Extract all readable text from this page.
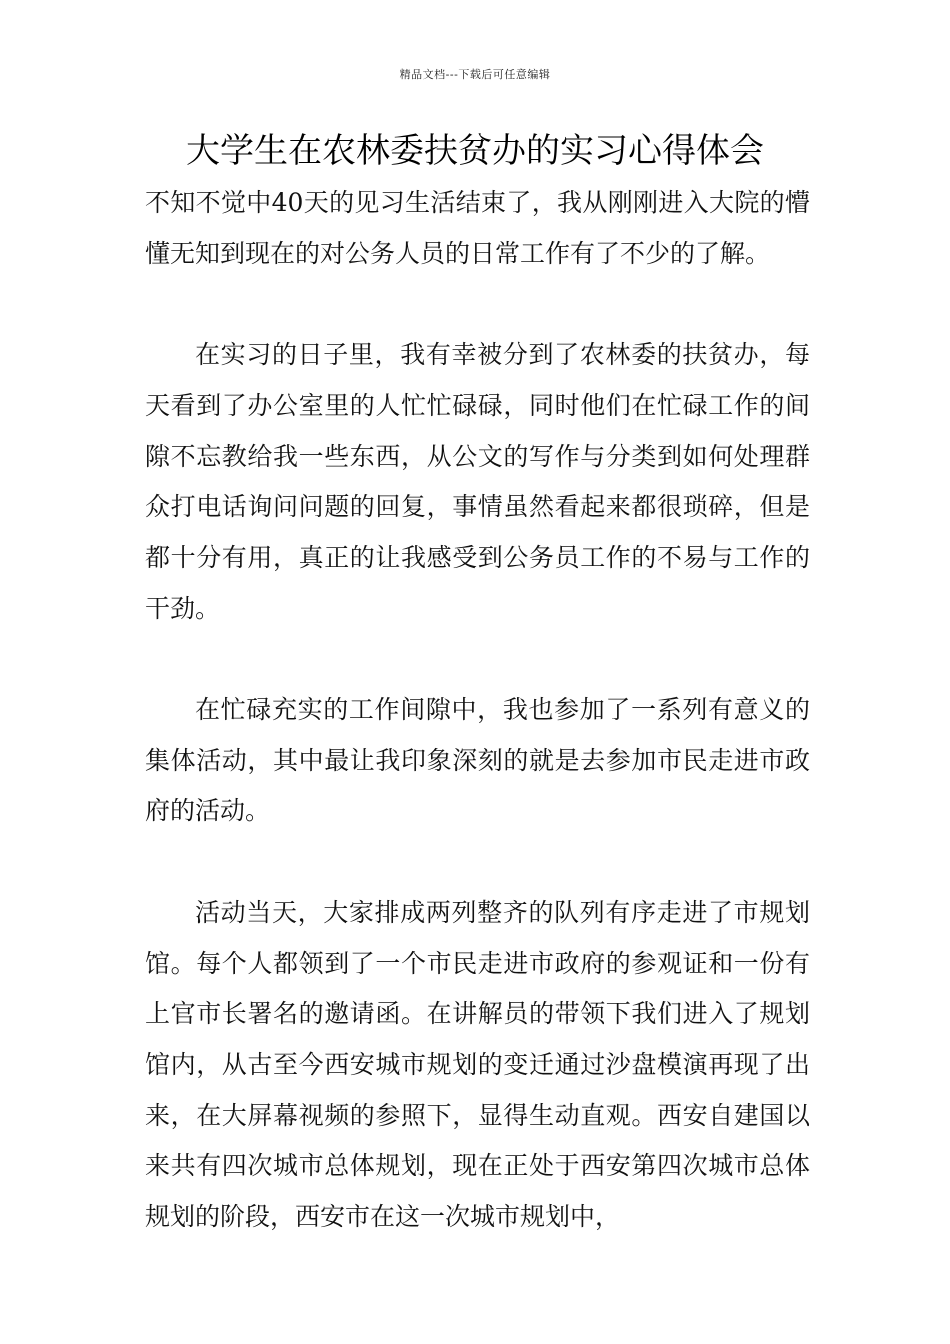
精品文档---下载后可任意编辑
大学生在农林委扶贫办的实习心得体会

不知不觉中40天的见习生活结束了，我从刚刚进入大院的懵懂无知到现在的对公务人员的日常工作有了不少的了解。

在实习的日子里，我有幸被分到了农林委的扶贫办，每天看到了办公室里的人忙忙碌碌，同时他们在忙碌工作的间隙不忘教给我一些东西，从公文的写作与分类到如何处理群众打电话询问问题的回复，事情虽然看起来都很琐碎，但是都十分有用，真正的让我感受到公务员工作的不易与工作的干劲。

在忙碌充实的工作间隙中，我也参加了一系列有意义的集体活动，其中最让我印象深刻的就是去参加市民走进市政府的活动。

活动当天，大家排成两列整齐的队列有序走进了市规划馆。每个人都领到了一个市民走进市政府的参观证和一份有上官市长署名的邀请函。在讲解员的带领下我们进入了规划馆内，从古至今西安城市规划的变迁通过沙盘模演再现了出来，在大屏幕视频的参照下，显得生动直观。西安自建国以来共有四次城市总体规划，现在正处于西安第四次城市总体规划的阶段，西安市在这一次城市规划中，
